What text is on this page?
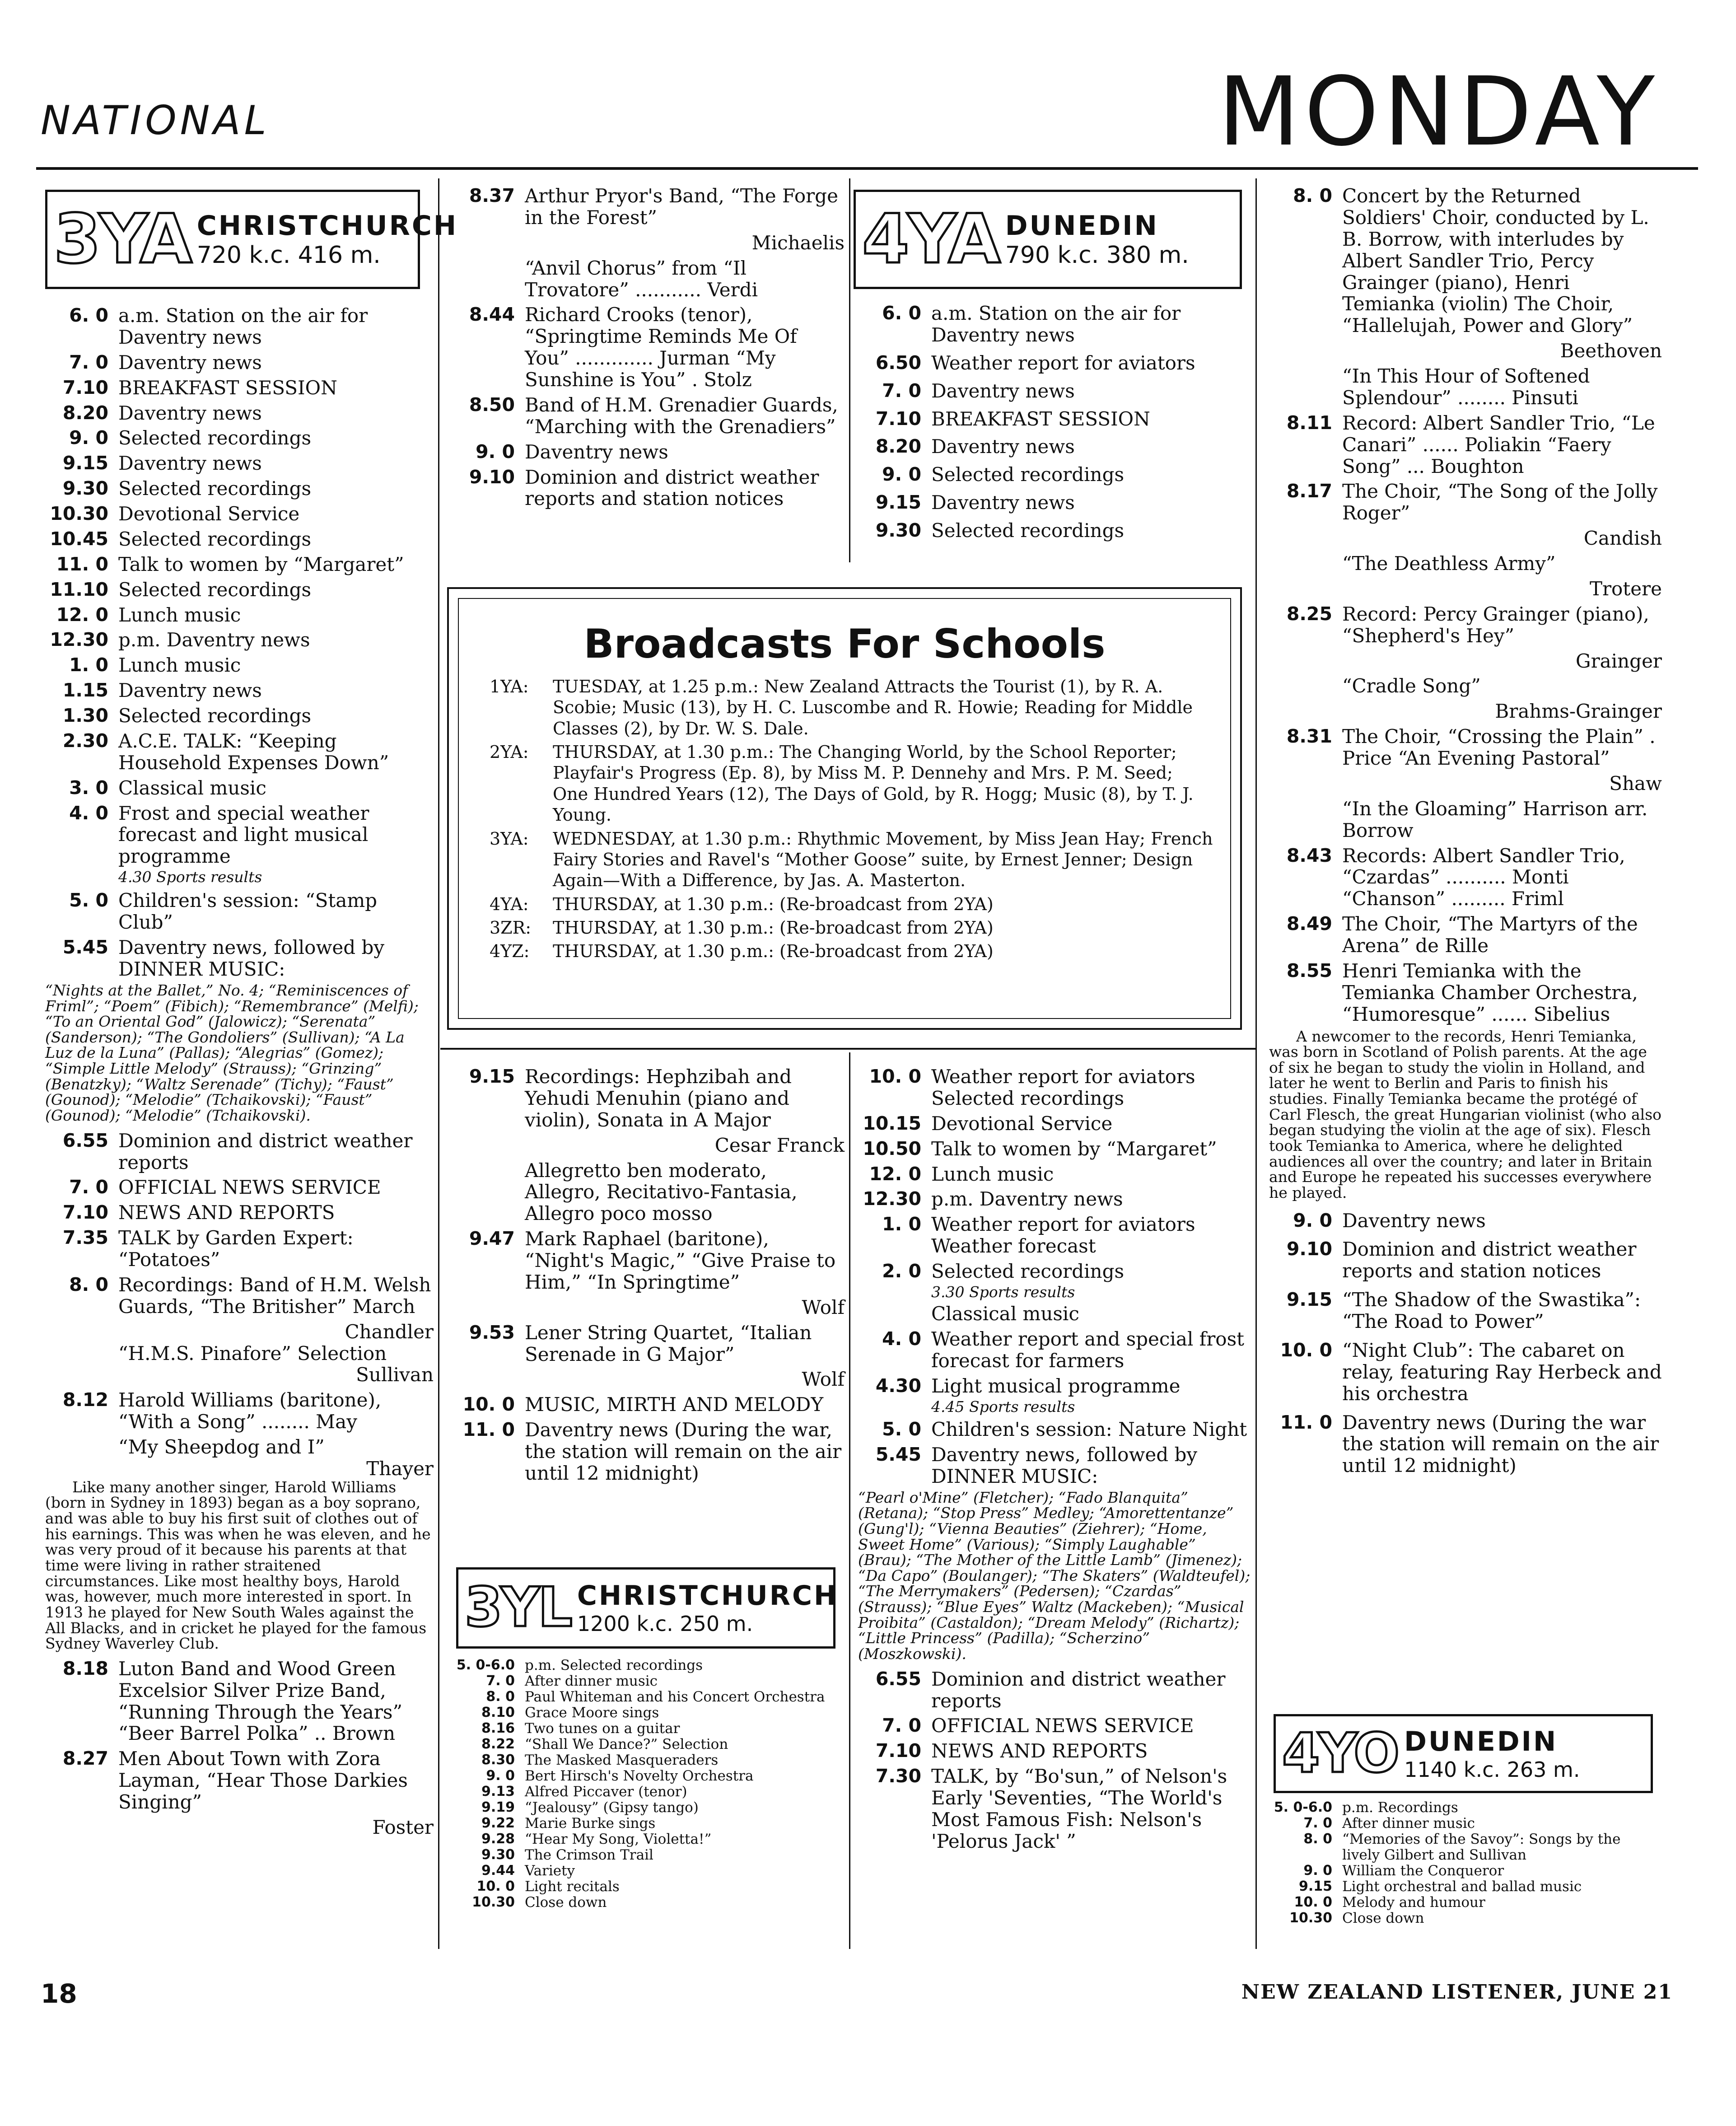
NATIONAL	MONDAY
3YA CHRISTCHURCH
720 k.c. 416 m.
6. 0 a.m. Station on the air for Daventry news
7. 0 Daventry news
7.10 BREAKFAST SESSION
8.20 Daventry news
9. 0 Selected recordings
9.15 Daventry news
9.30 Selected recordings
10.30 Devotional Service
10.45 Selected recordings
11. 0 Talk to women by “Margaret”
11.10 Selected recordings
12. 0 Lunch music
12.30 p.m. Daventry news
1. 0 Lunch music
1.15 Daventry news
1.30 Selected recordings
2.30 A.C.E. TALK: “Keeping Household Expenses Down”
3. 0 Classical music
4. 0 Frost and special weather forecast and light musical programme
4.30 Sports results
5. 0 Children's session: “Stamp Club”
5.45 Daventry news, followed by DINNER MUSIC:
“Nights at the Ballet,” No. 4; “Reminiscences of Friml”; “Poem” (Fibich); “Remembrance” (Melfi); “To an Oriental God” (Jalowicz); “Serenata” (Sanderson); “The Gondoliers” (Sullivan); “A La Luz de la Luna” (Pallas); “Alegrias” (Gomez); “Simple Little Melody” (Strauss); “Grinzing” (Benatzky); “Waltz Serenade” (Tichy); “Faust” (Gounod); “Melodie” (Tchaikovski); “Faust” (Gounod); “Melodie” (Tchaikovski).
6.55 Dominion and district weather reports
7. 0 OFFICIAL NEWS SERVICE
7.10 NEWS AND REPORTS
7.35 TALK by Garden Expert: “Potatoes”
8. 0 Recordings: Band of H.M. Welsh Guards, “The Britisher” March
Chandler
“H.M.S. Pinafore” Selection
Sullivan
8.12 Harold Williams (baritone), “With a Song” ........ May
“My Sheepdog and I”
Thayer
Like many another singer, Harold Williams (born in Sydney in 1893) began as a boy soprano, and was able to buy his first suit of clothes out of his earnings. This was when he was eleven, and he was very proud of it because his parents at that time were living in rather straitened circumstances. Like most healthy boys, Harold was, however, much more interested in sport. In 1913 he played for New South Wales against the All Blacks, and in cricket he played for the famous Sydney Waverley Club.
8.18 Luton Band and Wood Green Excelsior Silver Prize Band, “Running Through the Years” “Beer Barrel Polka” .. Brown
8.27 Men About Town with Zora Layman, “Hear Those Darkies Singing”
Foster
8.37 Arthur Pryor's Band, “The Forge in the Forest”
Michaelis
“Anvil Chorus” from “Il Trovatore” ........... Verdi
8.44 Richard Crooks (tenor), “Springtime Reminds Me Of You” ............. Jurman “My Sunshine is You” . Stolz
8.50 Band of H.M. Grenadier Guards, “Marching with the Grenadiers”
9. 0 Daventry news
9.10 Dominion and district weather reports and station notices
4YA DUNEDIN
790 k.c. 380 m.
6. 0 a.m. Station on the air for Daventry news
6.50 Weather report for aviators
7. 0 Daventry news
7.10 BREAKFAST SESSION
8.20 Daventry news
9. 0 Selected recordings
9.15 Daventry news
9.30 Selected recordings
Broadcasts For Schools
1YA:	TUESDAY, at 1.25 p.m.: New Zealand Attracts the Tourist (1), by R. A. Scobie; Music (13), by H. C. Luscombe and R. Howie; Reading for Middle Classes (2), by Dr. W. S. Dale.
2YA:	THURSDAY, at 1.30 p.m.: The Changing World, by the School Reporter; Playfair's Progress (Ep. 8), by Miss M. P. Dennehy and Mrs. P. M. Seed; One Hundred Years (12), The Days of Gold, by R. Hogg; Music (8), by T. J. Young.
3YA:	WEDNESDAY, at 1.30 p.m.: Rhythmic Movement, by Miss Jean Hay; French Fairy Stories and Ravel's “Mother Goose” suite, by Ernest Jenner; Design Again—With a Difference, by Jas. A. Masterton.
4YA:	THURSDAY, at 1.30 p.m.: (Re-broadcast from 2YA)
3ZR:	THURSDAY, at 1.30 p.m.: (Re-broadcast from 2YA)
4YZ:	THURSDAY, at 1.30 p.m.: (Re-broadcast from 2YA)
9.15 Recordings: Hephzibah and Yehudi Menuhin (piano and violin), Sonata in A Major
Cesar Franck
Allegretto ben moderato, Allegro, Recitativo-Fantasia, Allegro poco mosso
9.47 Mark Raphael (baritone), “Night's Magic,” “Give Praise to Him,” “In Springtime”
Wolf
9.53 Lener String Quartet, “Italian Serenade in G Major”
Wolf
10. 0 MUSIC, MIRTH AND MELODY
11. 0 Daventry news (During the war, the station will remain on the air until 12 midnight)
3YL CHRISTCHURCH
1200 k.c. 250 m.
5. 0-6.0 p.m. Selected recordings
7. 0 After dinner music
8. 0 Paul Whiteman and his Concert Orchestra
8.10 Grace Moore sings
8.16 Two tunes on a guitar
8.22 “Shall We Dance?” Selection
8.30 The Masked Masqueraders
9. 0 Bert Hirsch's Novelty Orchestra
9.13 Alfred Piccaver (tenor)
9.19 “Jealousy” (Gipsy tango)
9.22 Marie Burke sings
9.28 “Hear My Song, Violetta!”
9.30 The Crimson Trail
9.44 Variety
10. 0 Light recitals
10.30 Close down
10. 0 Weather report for aviators Selected recordings
10.15 Devotional Service
10.50 Talk to women by “Margaret”
12. 0 Lunch music
12.30 p.m. Daventry news
1. 0 Weather report for aviators Weather forecast
2. 0 Selected recordings
3.30 Sports results
Classical music
4. 0 Weather report and special frost forecast for farmers
4.30 Light musical programme
4.45 Sports results
5. 0 Children's session: Nature Night
5.45 Daventry news, followed by DINNER MUSIC:
“Pearl o'Mine” (Fletcher); “Fado Blanquita” (Retana); “Stop Press” Medley; “Amorettentanze” (Gung'l); “Vienna Beauties” (Ziehrer); “Home, Sweet Home” (Various); “Simply Laughable” (Brau); “The Mother of the Little Lamb” (Jimenez); “Da Capo” (Boulanger); “The Skaters” (Waldteufel); “The Merrymakers” (Pedersen); “Czardas” (Strauss); “Blue Eyes” Waltz (Mackeben); “Musical Proibita” (Castaldon); “Dream Melody” (Richartz); “Little Princess” (Padilla); “Scherzino” (Moszkowski).
6.55 Dominion and district weather reports
7. 0 OFFICIAL NEWS SERVICE
7.10 NEWS AND REPORTS
7.30 TALK, by “Bo'sun,” of Nelson's Early 'Seventies, “The World's Most Famous Fish: Nelson's 'Pelorus Jack' ”
8. 0 Concert by the Returned Soldiers' Choir, conducted by L. B. Borrow, with interludes by Albert Sandler Trio, Percy Grainger (piano), Henri Temianka (violin) The Choir, “Hallelujah, Power and Glory”
Beethoven
“In This Hour of Softened Splendour” ........ Pinsuti
8.11 Record: Albert Sandler Trio, “Le Canari” ...... Poliakin “Faery Song” ... Boughton
8.17 The Choir, “The Song of the Jolly Roger”
Candish
“The Deathless Army”
Trotere
8.25 Record: Percy Grainger (piano), “Shepherd's Hey”
Grainger
“Cradle Song”
Brahms-Grainger
8.31 The Choir, “Crossing the Plain” . Price “An Evening Pastoral”
Shaw
“In the Gloaming” Harrison arr. Borrow
8.43 Records: Albert Sandler Trio, “Czardas” .......... Monti “Chanson” ......... Friml
8.49 The Choir, “The Martyrs of the Arena” de Rille
8.55 Henri Temianka with the Temianka Chamber Orchestra, “Humoresque” ...... Sibelius
A newcomer to the records, Henri Temianka, was born in Scotland of Polish parents. At the age of six he began to study the violin in Holland, and later he went to Berlin and Paris to finish his studies. Finally Temianka became the protégé of Carl Flesch, the great Hungarian violinist (who also began studying the violin at the age of six). Flesch took Temianka to America, where he delighted audiences all over the country; and later in Britain and Europe he repeated his successes everywhere he played.
9. 0 Daventry news
9.10 Dominion and district weather reports and station notices
9.15 “The Shadow of the Swastika”: “The Road to Power”
10. 0 “Night Club”: The cabaret on relay, featuring Ray Herbeck and his orchestra
11. 0 Daventry news (During the war the station will remain on the air until 12 midnight)
4YO DUNEDIN
1140 k.c. 263 m.
5. 0-6.0 p.m. Recordings
7. 0 After dinner music
8. 0 “Memories of the Savoy”: Songs by the lively Gilbert and Sullivan
9. 0 William the Conqueror
9.15 Light orchestral and ballad music
10. 0 Melody and humour
10.30 Close down
18	NEW ZEALAND LISTENER, JUNE 21
